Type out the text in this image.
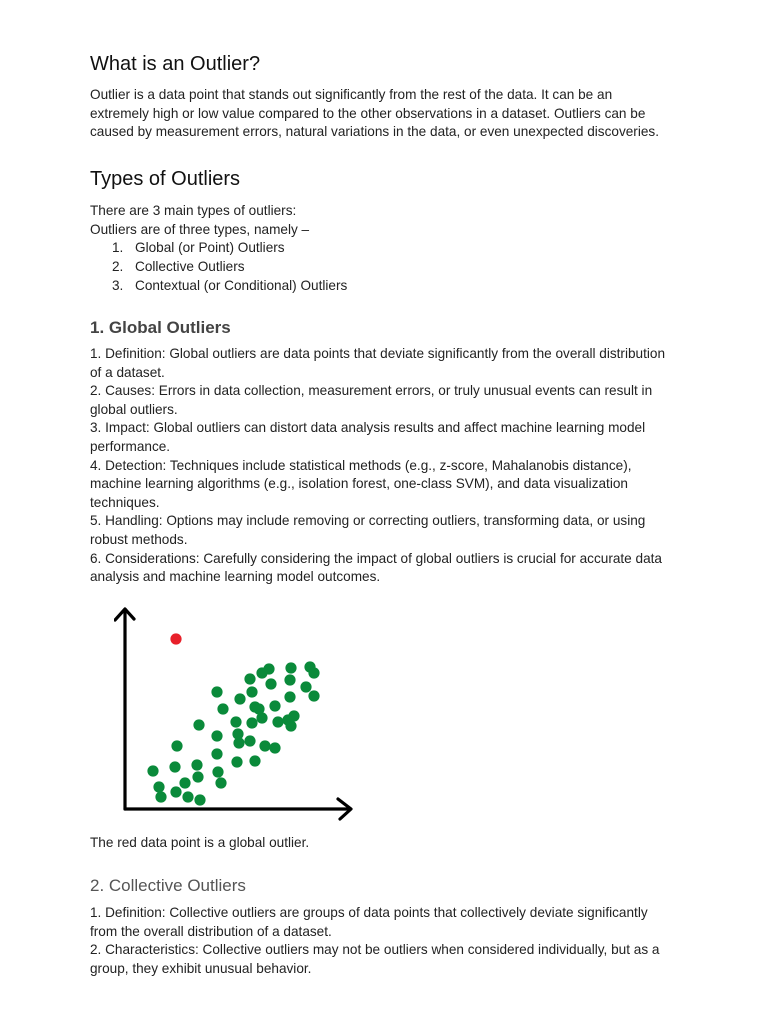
What is an Outlier?
Outlier is a data point that stands out significantly from the rest of the data. It can be an
extremely high or low value compared to the other observations in a dataset. Outliers can be
caused by measurement errors, natural variations in the data, or even unexpected discoveries.
Types of Outliers
There are 3 main types of outliers:
Outliers are of three types, namely –
1. Global (or Point) Outliers
2. Collective Outliers
3. Contextual (or Conditional) Outliers
1. Global Outliers
1. Definition: Global outliers are data points that deviate significantly from the overall distribution
of a dataset.
2. Causes: Errors in data collection, measurement errors, or truly unusual events can result in
global outliers.
3. Impact: Global outliers can distort data analysis results and affect machine learning model
performance.
4. Detection: Techniques include statistical methods (e.g., z-score, Mahalanobis distance),
machine learning algorithms (e.g., isolation forest, one-class SVM), and data visualization
techniques.
5. Handling: Options may include removing or correcting outliers, transforming data, or using
robust methods.
6. Considerations: Carefully considering the impact of global outliers is crucial for accurate data
analysis and machine learning model outcomes.
The red data point is a global outlier.
2. Collective Outliers
1. Definition: Collective outliers are groups of data points that collectively deviate significantly
from the overall distribution of a dataset.
2. Characteristics: Collective outliers may not be outliers when considered individually, but as a
group, they exhibit unusual behavior.
